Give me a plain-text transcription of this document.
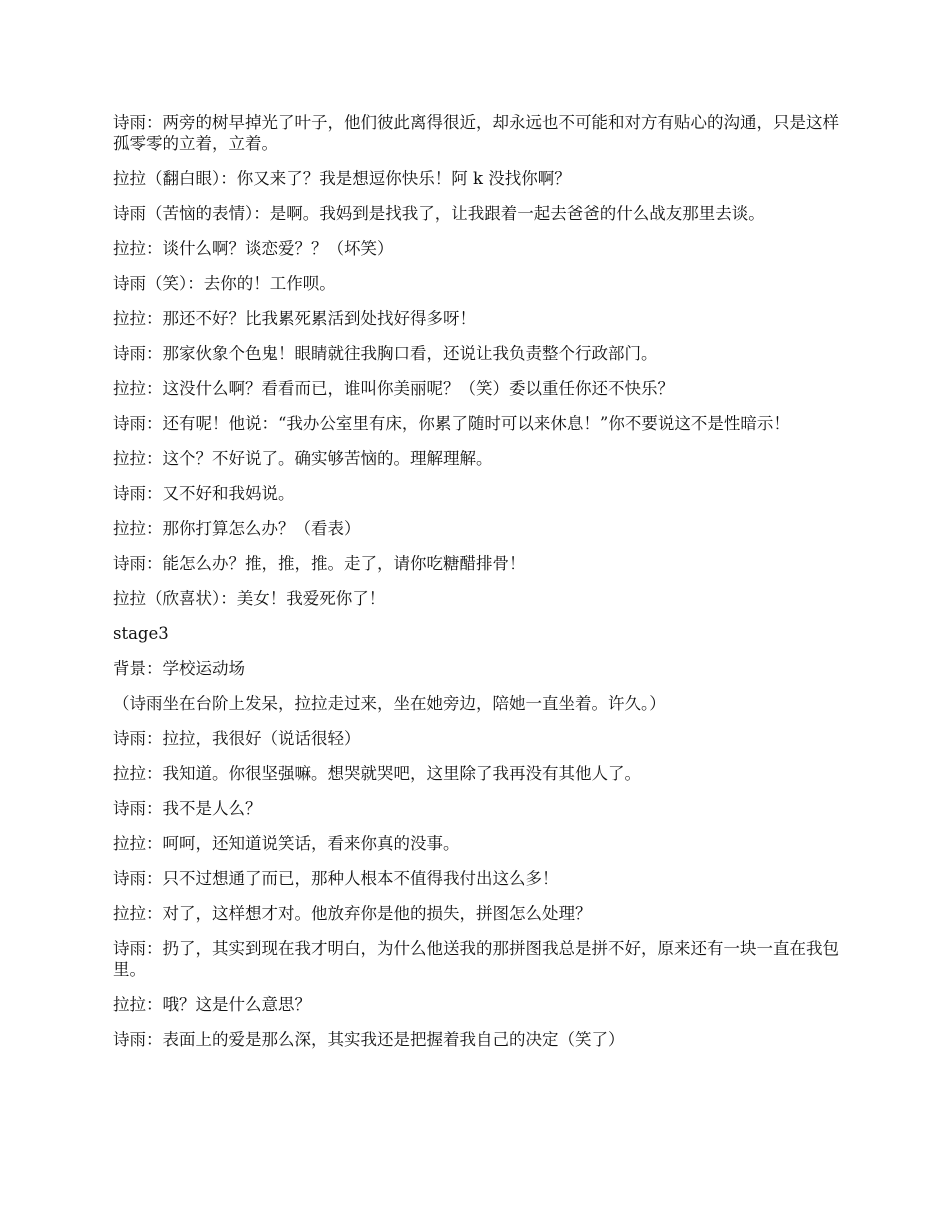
诗雨：两旁的树早掉光了叶子，他们彼此离得很近，却永远也不可能和对方有贴心的沟通，只是这样孤零零的立着，立着。

拉拉（翻白眼）：你又来了？我是想逗你快乐！阿 k 没找你啊？

诗雨（苦恼的表情）：是啊。我妈到是找我了，让我跟着一起去爸爸的什么战友那里去谈。

拉拉：谈什么啊？谈恋爱？？（坏笑）

诗雨（笑）：去你的！工作呗。

拉拉：那还不好？比我累死累活到处找好得多呀！

诗雨：那家伙象个色鬼！眼睛就往我胸口看，还说让我负责整个行政部门。

拉拉：这没什么啊？看看而已，谁叫你美丽呢？（笑）委以重任你还不快乐？

诗雨：还有呢！他说：“我办公室里有床，你累了随时可以来休息！”你不要说这不是性暗示！

拉拉：这个？不好说了。确实够苦恼的。理解理解。

诗雨：又不好和我妈说。

拉拉：那你打算怎么办？（看表）

诗雨：能怎么办？推，推，推。走了，请你吃糖醋排骨！

拉拉（欣喜状）：美女！我爱死你了！

stage3

背景：学校运动场

（诗雨坐在台阶上发呆，拉拉走过来，坐在她旁边，陪她一直坐着。许久。）

诗雨：拉拉，我很好（说话很轻）

拉拉：我知道。你很坚强嘛。想哭就哭吧，这里除了我再没有其他人了。

诗雨：我不是人么？

拉拉：呵呵，还知道说笑话，看来你真的没事。

诗雨：只不过想通了而已，那种人根本不值得我付出这么多！

拉拉：对了，这样想才对。他放弃你是他的损失，拼图怎么处理？

诗雨：扔了，其实到现在我才明白，为什么他送我的那拼图我总是拼不好，原来还有一块一直在我包里。

拉拉：哦？这是什么意思？

诗雨：表面上的爱是那么深，其实我还是把握着我自己的决定（笑了）
